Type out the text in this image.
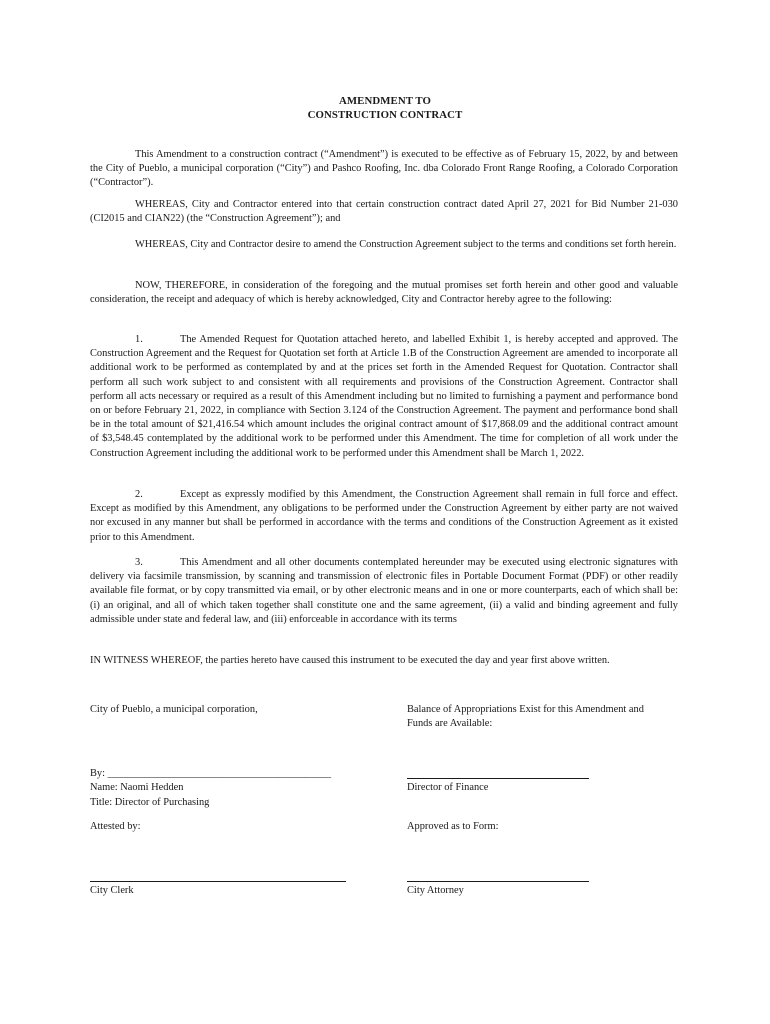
AMENDMENT TO
CONSTRUCTION CONTRACT

This Amendment to a construction contract (“Amendment”) is executed to be effective as of February 15, 2022, by and between the City of Pueblo, a municipal corporation (“City”) and Pashco Roofing, Inc. dba Colorado Front Range Roofing, a Colorado Corporation (“Contractor”).

WHEREAS, City and Contractor entered into that certain construction contract dated April 27, 2021 for Bid Number 21-030 (CI2015 and CIAN22) (the “Construction Agreement”); and

WHEREAS, City and Contractor desire to amend the Construction Agreement subject to the terms and conditions set forth herein.

NOW, THEREFORE, in consideration of the foregoing and the mutual promises set forth herein and other good and valuable consideration, the receipt and adequacy of which is hereby acknowledged, City and Contractor hereby agree to the following:

1.	The Amended Request for Quotation attached hereto, and labelled Exhibit 1, is hereby accepted and approved. The Construction Agreement and the Request for Quotation set forth at Article 1.B of the Construction Agreement are amended to incorporate all additional work to be performed as contemplated by and at the prices set forth in the Amended Request for Quotation. Contractor shall perform all such work subject to and consistent with all requirements and provisions of the Construction Agreement. Contractor shall perform all acts necessary or required as a result of this Amendment including but no limited to furnishing a payment and performance bond on or before February 21, 2022, in compliance with Section 3.124 of the Construction Agreement. The payment and performance bond shall be in the total amount of $21,416.54 which amount includes the original contract amount of $17,868.09 and the additional contract amount of $3,548.45 contemplated by the additional work to be performed under this Amendment. The time for completion of all work under the Construction Agreement including the additional work to be performed under this Amendment shall be March 1, 2022.

2.	Except as expressly modified by this Amendment, the Construction Agreement shall remain in full force and effect. Except as modified by this Amendment, any obligations to be performed under the Construction Agreement by either party are not waived nor excused in any manner but shall be performed in accordance with the terms and conditions of the Construction Agreement as it existed prior to this Amendment.

3.	This Amendment and all other documents contemplated hereunder may be executed using electronic signatures with delivery via facsimile transmission, by scanning and transmission of electronic files in Portable Document Format (PDF) or other readily available file format, or by copy transmitted via email, or by other electronic means and in one or more counterparts, each of which shall be: (i) an original, and all of which taken together shall constitute one and the same agreement, (ii) a valid and binding agreement and fully admissible under state and federal law, and (iii) enforceable in accordance with its terms

IN WITNESS WHEREOF, the parties hereto have caused this instrument to be executed the day and year first above written.

City of Pueblo, a municipal corporation,	Balance of Appropriations Exist for this Amendment and
Funds are Available:
By: ___________________________________________
Name: Naomi Hedden	Director of Finance
Title: Director of Purchasing
Attested by:	Approved as to Form:
City Clerk	City Attorney
